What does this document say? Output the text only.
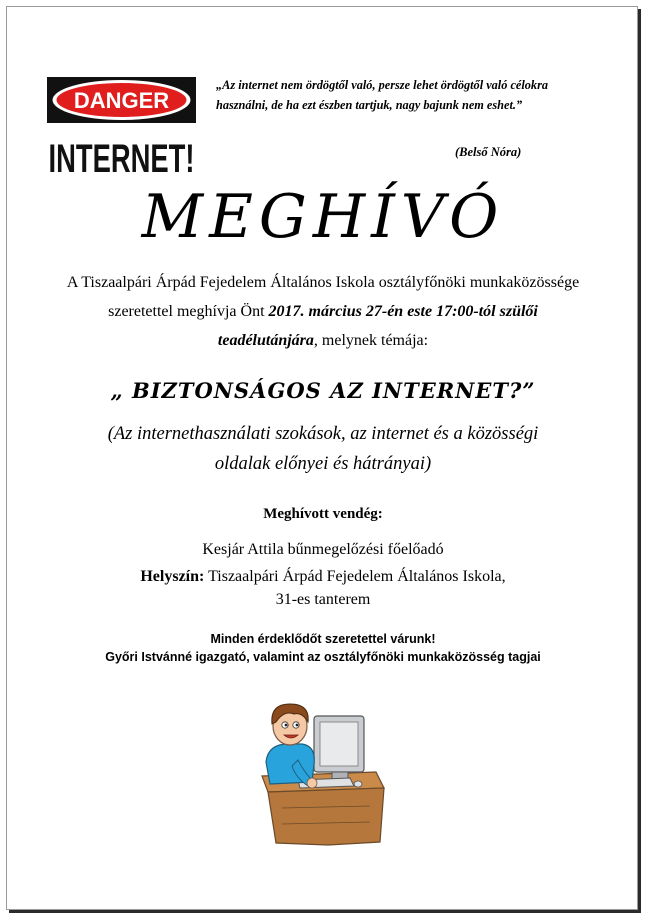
DANGER
INTERNET!
„Az internet nem ördögtől való, persze lehet ördögtől való célokra használni, de ha ezt észben tartjuk, nagy bajunk nem eshet.”
(Belső Nóra)
MEGHÍVÓ
A Tiszaalpári Árpád Fejedelem Általános Iskola osztályfőnöki munkaközössége szeretettel meghívja Önt 2017. március 27-én este 17:00-tól szülői teadélutánjára, melynek témája:
„ BIZTONSÁGOS AZ INTERNET?”
(Az internethasználati szokások, az internet és a közösségi oldalak előnyei és hátrányai)
Meghívott vendég:
Kesjár Attila bűnmegelőzési főelőadó
Helyszín: Tiszaalpári Árpád Fejedelem Általános Iskola,
31-es tanterem
Minden érdeklődőt szeretettel várunk!
Győri Istvánné igazgató, valamint az osztályfőnöki munkaközösség tagjai
